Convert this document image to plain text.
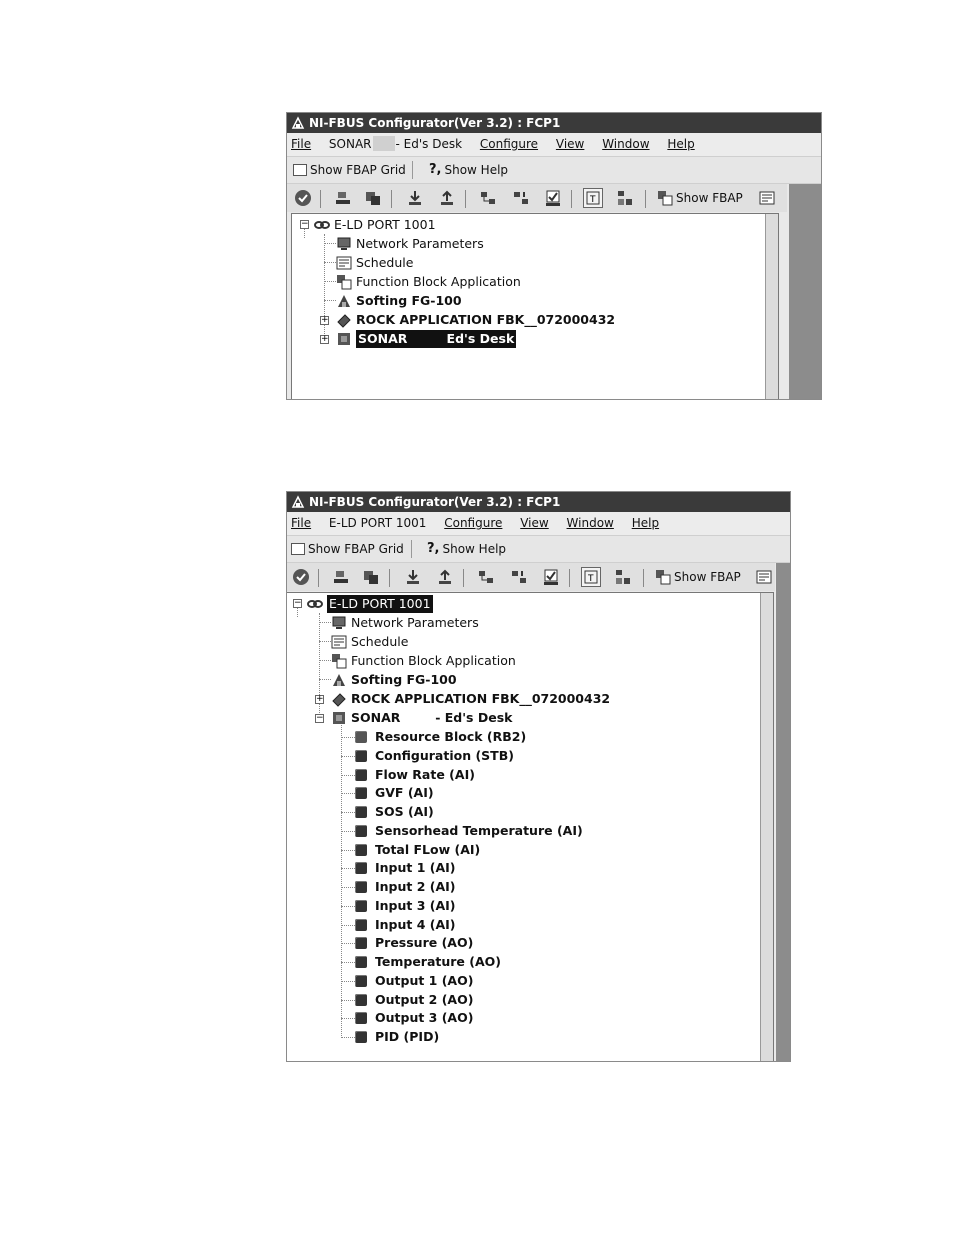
NI-FBUS Configurator(Ver 3.2) : FCP1
File SONAR - Ed's Desk Configure View Window Help
Show FBAP Grid ?, Show Help
T	Show FBAP
− E-LD PORT 1001
Network Parameters
Schedule
Function Block Application
Softing FG-100
+ ROCK APPLICATION FBK__072000432
+ SONAR         Ed's Desk
NI-FBUS Configurator(Ver 3.2) : FCP1
File E-LD PORT 1001 Configure View Window Help
Show FBAP Grid ?, Show Help
T	Show FBAP
− E-LD PORT 1001
Network Parameters
Schedule
Function Block Application
Softing FG-100
+ ROCK APPLICATION FBK__072000432
− SONAR        - Ed's Desk
Resource Block (RB2)
Configuration (STB)
Flow Rate (AI)
GVF (AI)
SOS (AI)
Sensorhead Temperature (AI)
Total FLow (AI)
Input 1 (AI)
Input 2 (AI)
Input 3 (AI)
Input 4 (AI)
Pressure (AO)
Temperature (AO)
Output 1 (AO)
Output 2 (AO)
Output 3 (AO)
PID (PID)
